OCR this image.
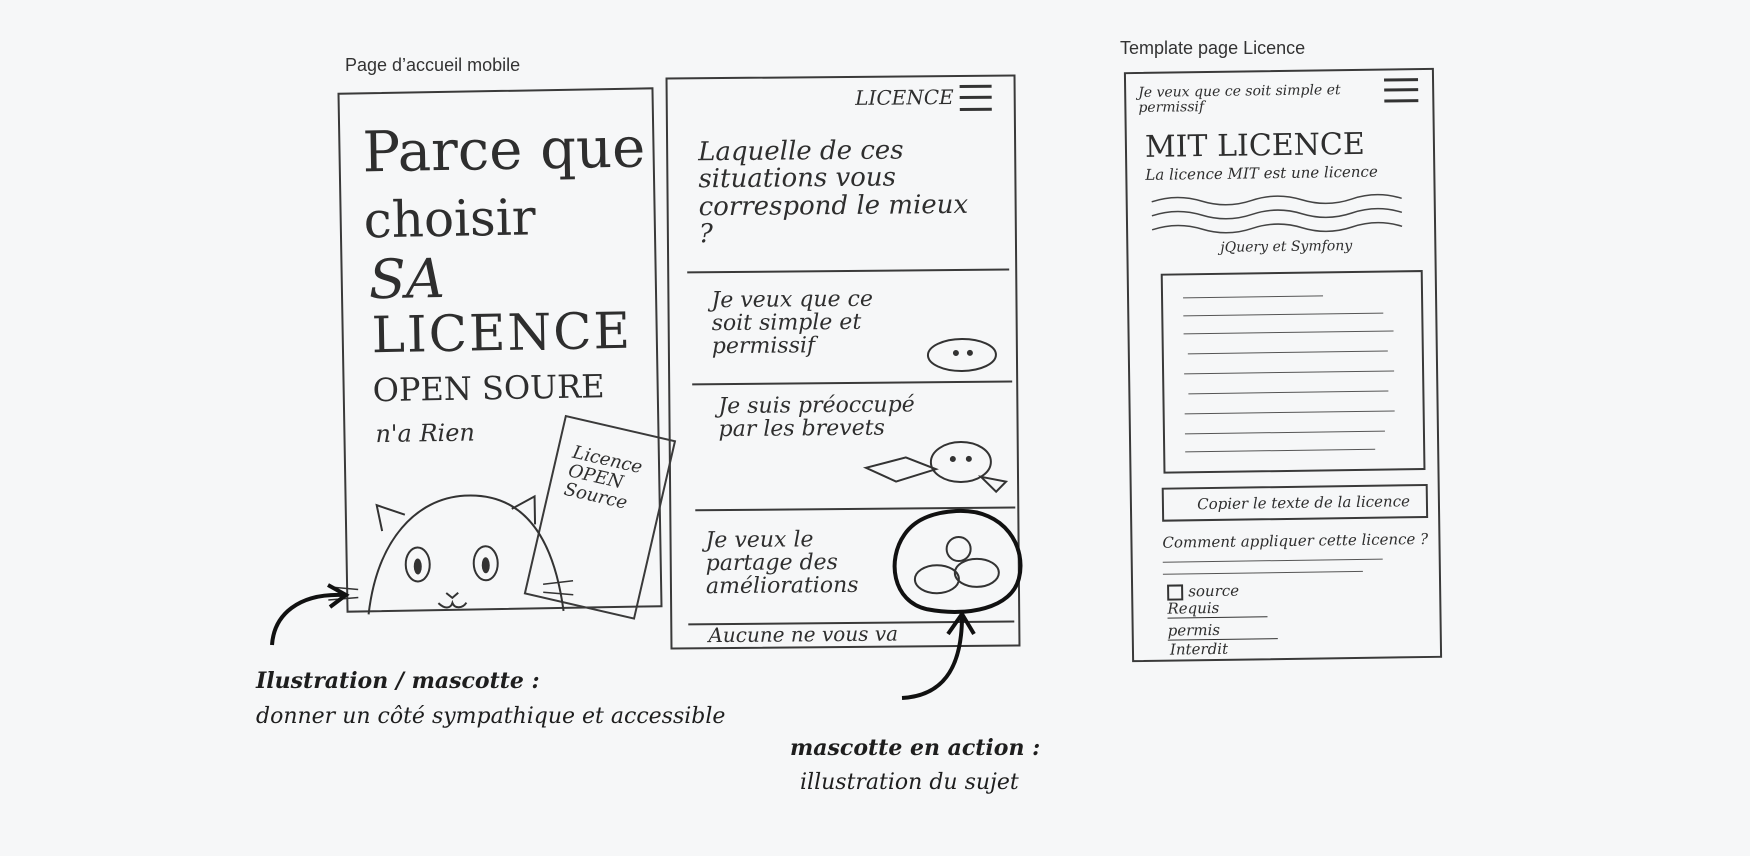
Page d’accueil mobile
Template page Licence
Parce que
choisir
SA
LICENCE
OPEN SOURE
n'a Rien
Licence OPEN Source
LICENCE
Laquelle de ces situations vous correspond le mieux ?
Je veux que ce soit simple et permissif
Je suis préoccupé par les brevets
Je veux le partage des améliorations
Aucune ne vous va
Je veux que ce soit simple et permissif
MIT LICENCE
La licence MIT est une licence
jQuery et Symfony
Copier le texte de la licence
Comment appliquer cette licence ?
source
Requis
permis
Interdit
Ilustration / mascotte :
donner un côté sympathique et accessible
mascotte en action :
illustration du sujet
